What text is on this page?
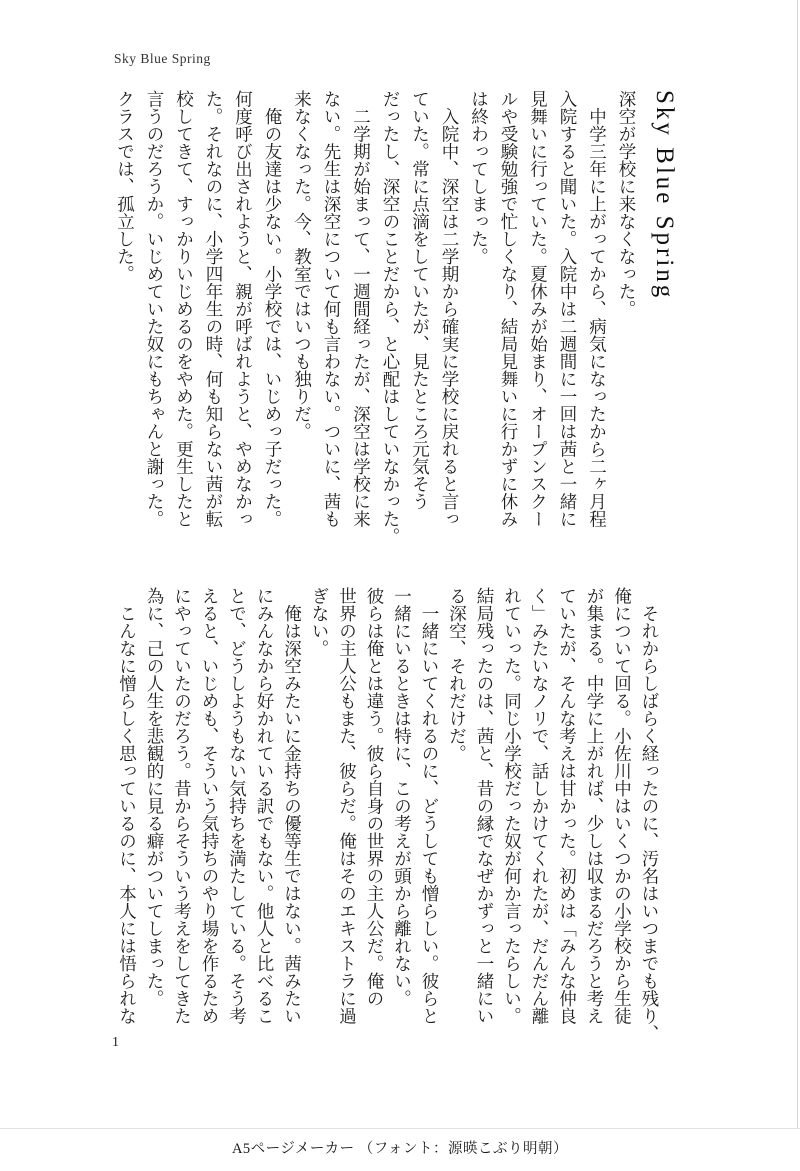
Sky Blue Spring
Sky Blue Spring
深空が学校に来なくなった。
　中学三年に上がってから、病気になったから二ヶ月程
入院すると聞いた。入院中は二週間に一回は茜と一緒に
見舞いに行っていた。夏休みが始まり、オープンスクー
ルや受験勉強で忙しくなり、結局見舞いに行かずに休み
は終わってしまった。
　入院中、深空は二学期から確実に学校に戻れると言っ
ていた。常に点滴をしていたが、見たところ元気そう
だったし、深空のことだから、と心配はしていなかった。
　二学期が始まって、一週間経ったが、深空は学校に来
ない。先生は深空について何も言わない。ついに、茜も
来なくなった。今、教室ではいつも独りだ。
　俺の友達は少ない。小学校では、いじめっ子だった。
何度呼び出されようと、親が呼ばれようと、やめなかっ
た。それなのに、小学四年生の時、何も知らない茜が転
校してきて、すっかりいじめるのをやめた。更生したと
言うのだろうか。いじめていた奴にもちゃんと謝った。
クラスでは、孤立した。
　それからしばらく経ったのに、汚名はいつまでも残り、
俺について回る。小佐川中はいくつかの小学校から生徒
が集まる。中学に上がれば、少しは収まるだろうと考え
ていたが、そんな考えは甘かった。初めは「みんな仲良
く」みたいなノリで、話しかけてくれたが、だんだん離
れていった。同じ小学校だった奴が何か言ったらしい。
結局残ったのは、茜と、昔の縁でなぜかずっと一緒にい
る深空、それだけだ。
　一緒にいてくれるのに、どうしても憎らしい。彼らと
一緒にいるときは特に、この考えが頭から離れない。
彼らは俺とは違う。彼ら自身の世界の主人公だ。俺の
世界の主人公もまた、彼らだ。俺はそのエキストラに過
ぎない。
　俺は深空みたいに金持ちの優等生ではない。茜みたい
にみんなから好かれている訳でもない。他人と比べるこ
とで、どうしようもない気持ちを満たしている。そう考
えると、いじめも、そういう気持ちのやり場を作るため
にやっていたのだろう。昔からそういう考えをしてきた
為に、己の人生を悲観的に見る癖がついてしまった。
　こんなに憎らしく思っているのに、本人には悟られな
1
A5ページメーカー （フォント：源暎こぶり明朝）
